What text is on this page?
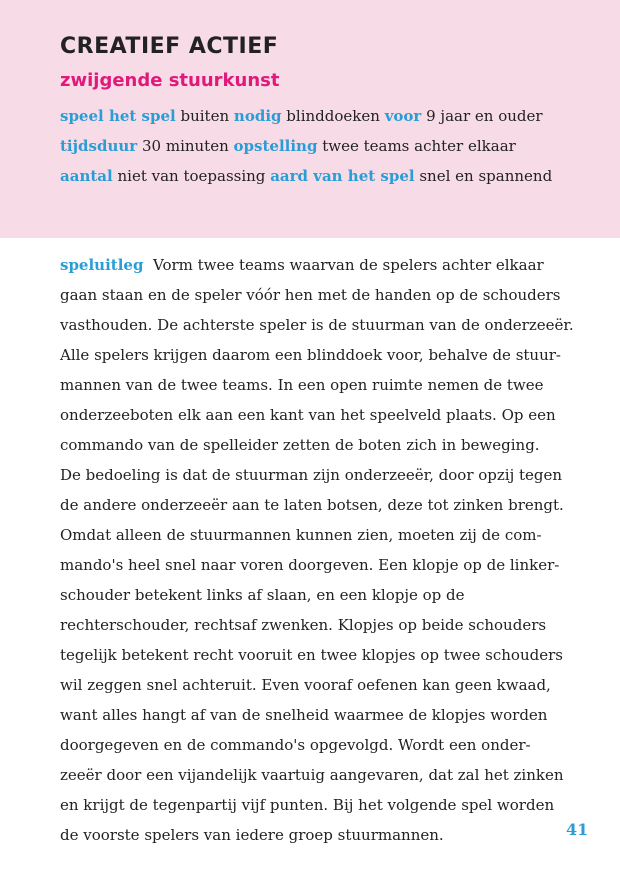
CREATIEF ACTIEF
zwijgende stuurkunst
speel het spel buiten nodig blinddoeken voor 9 jaar en ouder
tijdsduur 30 minuten opstelling twee teams achter elkaar
aantal niet van toepassing aard van het spel snel en spannend
speluitleg Vorm twee teams waarvan de spelers achter elkaar
gaan staan en de speler vóór hen met de handen op de schouders
vasthouden. De achterste speler is de stuurman van de onderzeeër.
Alle spelers krijgen daarom een blinddoek voor, behalve de stuur-
mannen van de twee teams. In een open ruimte nemen de twee
onderzeeboten elk aan een kant van het speelveld plaats. Op een
commando van de spelleider zetten de boten zich in beweging.
De bedoeling is dat de stuurman zijn onderzeeër, door opzij tegen
de andere onderzeeër aan te laten botsen, deze tot zinken brengt.
Omdat alleen de stuurmannen kunnen zien, moeten zij de com-
mando's heel snel naar voren doorgeven. Een klopje op de linker-
schouder betekent links af slaan, en een klopje op de
rechterschouder, rechtsaf zwenken. Klopjes op beide schouders
tegelijk betekent recht vooruit en twee klopjes op twee schouders
wil zeggen snel achteruit. Even vooraf oefenen kan geen kwaad,
want alles hangt af van de snelheid waarmee de klopjes worden
doorgegeven en de commando's opgevolgd. Wordt een onder-
zeeër door een vijandelijk vaartuig aangevaren, dat zal het zinken
en krijgt de tegenpartij vijf punten. Bij het volgende spel worden
de voorste spelers van iedere groep stuurmannen.	41
